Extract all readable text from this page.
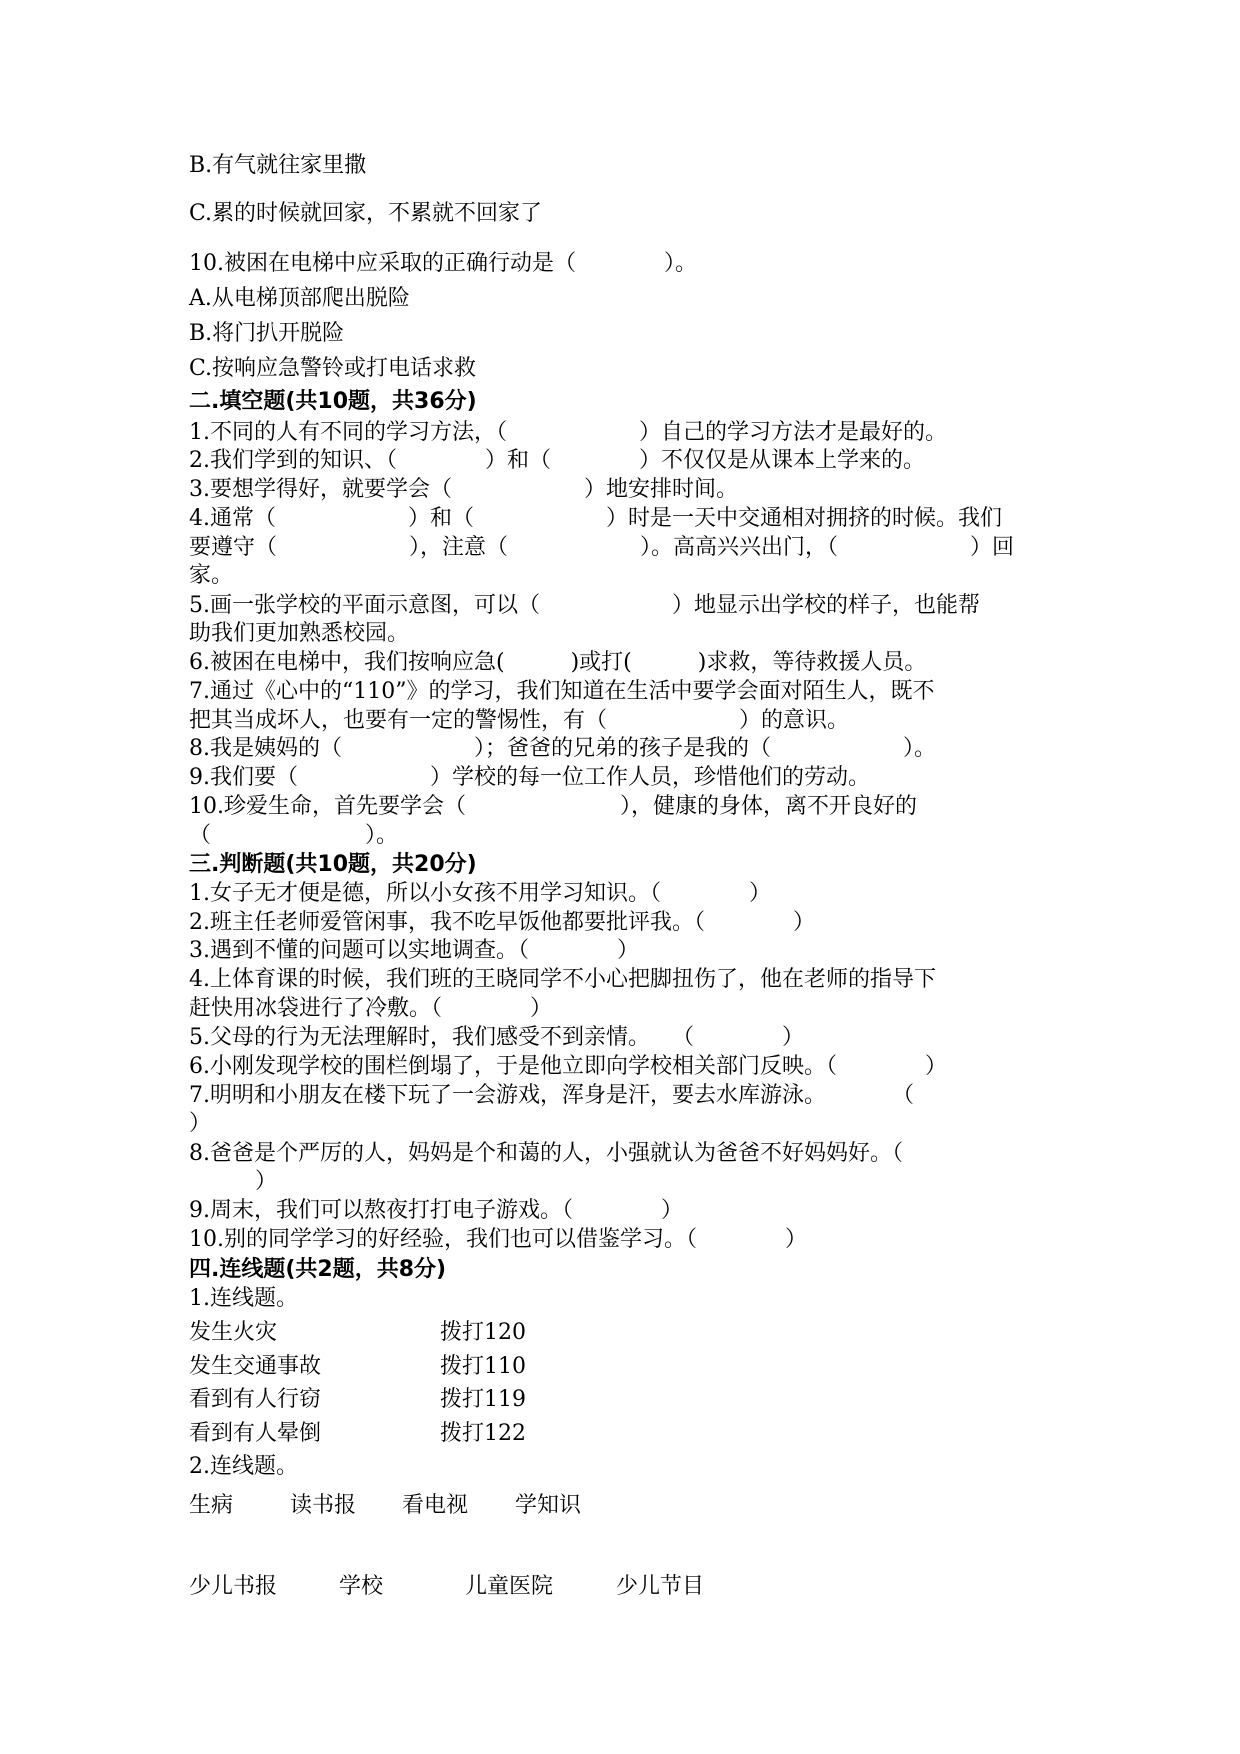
B.有气就往家里撒
C.累的时候就回家，不累就不回家了
10.被困在电梯中应采取的正确行动是（　　　　）。
A.从电梯顶部爬出脱险
B.将门扒开脱险
C.按响应急警铃或打电话求救
二.填空题(共10题，共36分)
1.不同的人有不同的学习方法，（　　　　　　）自己的学习方法才是最好的。
2.我们学到的知识、（　　　　）和（　　　　）不仅仅是从课本上学来的。
3.要想学得好，就要学会（　　　　　　）地安排时间。
4.通常（　　　　　　）和（　　　　　　）时是一天中交通相对拥挤的时候。我们
要遵守（　　　　　　），注意（　　　　　　）。高高兴兴出门，（　　　　　　）回
家。
5.画一张学校的平面示意图，可以（　　　　　　）地显示出学校的样子，也能帮
助我们更加熟悉校园。
6.被困在电梯中，我们按响应急(　　　)或打(　　　)求救，等待救援人员。
7.通过《心中的“110”》的学习，我们知道在生活中要学会面对陌生人，既不
把其当成坏人，也要有一定的警惕性，有（　　　　　　）的意识。
8.我是姨妈的（　　　　　　）；爸爸的兄弟的孩子是我的（　　　　　　）。
9.我们要（　　　　　　）学校的每一位工作人员，珍惜他们的劳动。
10.珍爱生命，首先要学会（　　　　　　　），健康的身体，离不开良好的
（　　　　　　　）。
三.判断题(共10题，共20分)
1.女子无才便是德，所以小女孩不用学习知识。（　　　　）
2.班主任老师爱管闲事，我不吃早饭他都要批评我。（　　　　）
3.遇到不懂的问题可以实地调查。（　　　　）
4.上体育课的时候，我们班的王晓同学不小心把脚扭伤了，他在老师的指导下
赶快用冰袋进行了冷敷。（　　　　）
5.父母的行为无法理解时，我们感受不到亲情。　　（　　　　）
6.小刚发现学校的围栏倒塌了，于是他立即向学校相关部门反映。（　　　　）
7.明明和小朋友在楼下玩了一会游戏，浑身是汗，要去水库游泳。　　　　（
）
8.爸爸是个严厉的人，妈妈是个和蔼的人，小强就认为爸爸不好妈妈好。（
　　　）
9.周末，我们可以熬夜打打电子游戏。（　　　　）
10.别的同学学习的好经验，我们也可以借鉴学习。（　　　　）
四.连线题(共2题，共8分)
1.连线题。
发生火灾	拨打120
发生交通事故	拨打110
看到有人行窃	拨打119
看到有人晕倒	拨打122
2.连线题。
生病	读书报 看电视 学知识
少儿书报	学校	儿童医院	少儿节目
